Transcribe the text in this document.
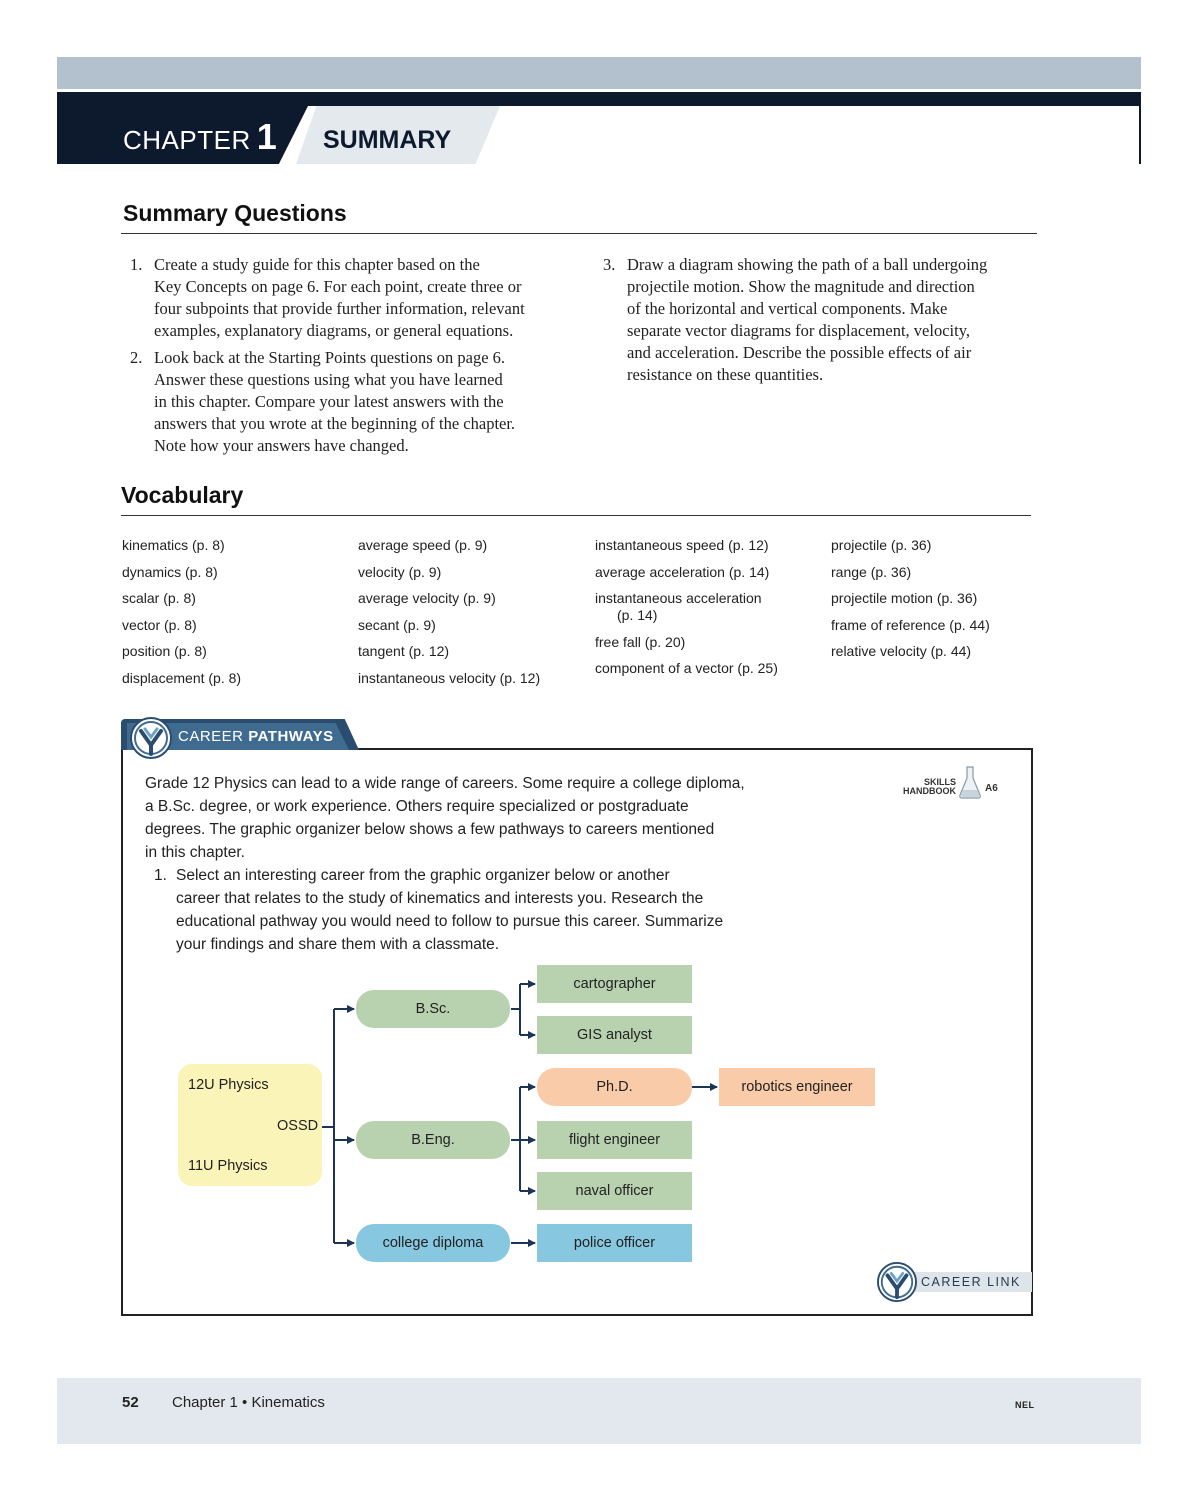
CHAPTER 1 SUMMARY
Summary Questions
1. Create a study guide for this chapter based on the
Key Concepts on page 6. For each point, create three or
four subpoints that provide further information, relevant
examples, explanatory diagrams, or general equations.
2. Look back at the Starting Points questions on page 6.
Answer these questions using what you have learned
in this chapter. Compare your latest answers with the
answers that you wrote at the beginning of the chapter.
Note how your answers have changed.
3. Draw a diagram showing the path of a ball undergoing
projectile motion. Show the magnitude and direction
of the horizontal and vertical components. Make
separate vector diagrams for displacement, velocity,
and acceleration. Describe the possible effects of air
resistance on these quantities.
Vocabulary
kinematics (p. 8)
dynamics (p. 8)
scalar (p. 8)
vector (p. 8)
position (p. 8)
displacement (p. 8)
average speed (p. 9)
velocity (p. 9)
average velocity (p. 9)
secant (p. 9)
tangent (p. 12)
instantaneous velocity (p. 12)
instantaneous speed (p. 12)
average acceleration (p. 14)
instantaneous acceleration
(p. 14)
free fall (p. 20)
component of a vector (p. 25)
projectile (p. 36)
range (p. 36)
projectile motion (p. 36)
frame of reference (p. 44)
relative velocity (p. 44)
CAREER PATHWAYS
Grade 12 Physics can lead to a wide range of careers. Some require a college diploma,
a B.Sc. degree, or work experience. Others require specialized or postgraduate
degrees. The graphic organizer below shows a few pathways to careers mentioned
in this chapter.
1. Select an interesting career from the graphic organizer below or another
career that relates to the study of kinematics and interests you. Research the
educational pathway you would need to follow to pursue this career. Summarize
your findings and share them with a classmate.
SKILLS
HANDBOOK	A6
12U Physics
11U Physics
OSSD
B.Sc.
B.Eng.
college diploma
cartographer
GIS analyst
Ph.D.
flight engineer
naval officer
police officer
robotics engineer
CAREER LINK
52 Chapter 1 • Kinematics	NEL
